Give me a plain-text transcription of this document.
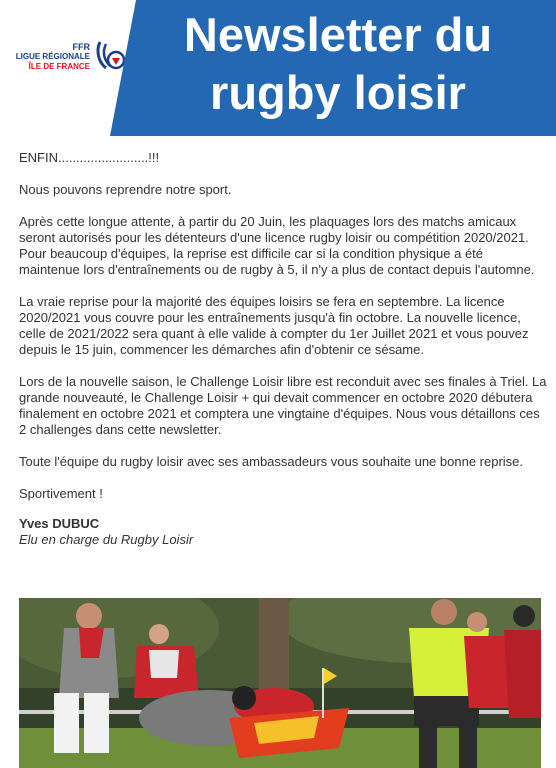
FFR
LIGUE RÉGIONALE
ÎLE DE FRANCE
Newsletter du
rugby loisir

ENFIN.........................!!!

Nous pouvons reprendre notre sport.

Après cette longue attente, à partir du 20 Juin, les plaquages lors des matchs amicaux seront autorisés pour les détenteurs d'une licence rugby loisir ou compétition 2020/2021. Pour beaucoup d'équipes, la reprise est difficile car si la condition physique a été maintenue lors d'entraînements ou de rugby à 5, il n'y a plus de contact depuis l'automne.

La vraie reprise pour la majorité des équipes loisirs se fera en septembre. La licence 2020/2021 vous couvre pour les entraînements jusqu'à fin octobre. La nouvelle licence, celle de 2021/2022 sera quant à elle valide à compter du 1er Juillet 2021 et vous pouvez depuis le 15 juin, commencer les démarches afin d'obtenir ce sésame.

Lors de la nouvelle saison, le Challenge Loisir libre est reconduit avec ses finales à Triel. La grande nouveauté, le Challenge Loisir + qui devait commencer en octobre 2020 débutera finalement en octobre 2021 et comptera une vingtaine d'équipes. Nous vous détaillons ces 2 challenges dans cette newsletter.

Toute l'équipe du rugby loisir avec ses ambassadeurs vous souhaite une bonne reprise.

Sportivement !

Yves DUBUC
Elu en charge du Rugby Loisir
